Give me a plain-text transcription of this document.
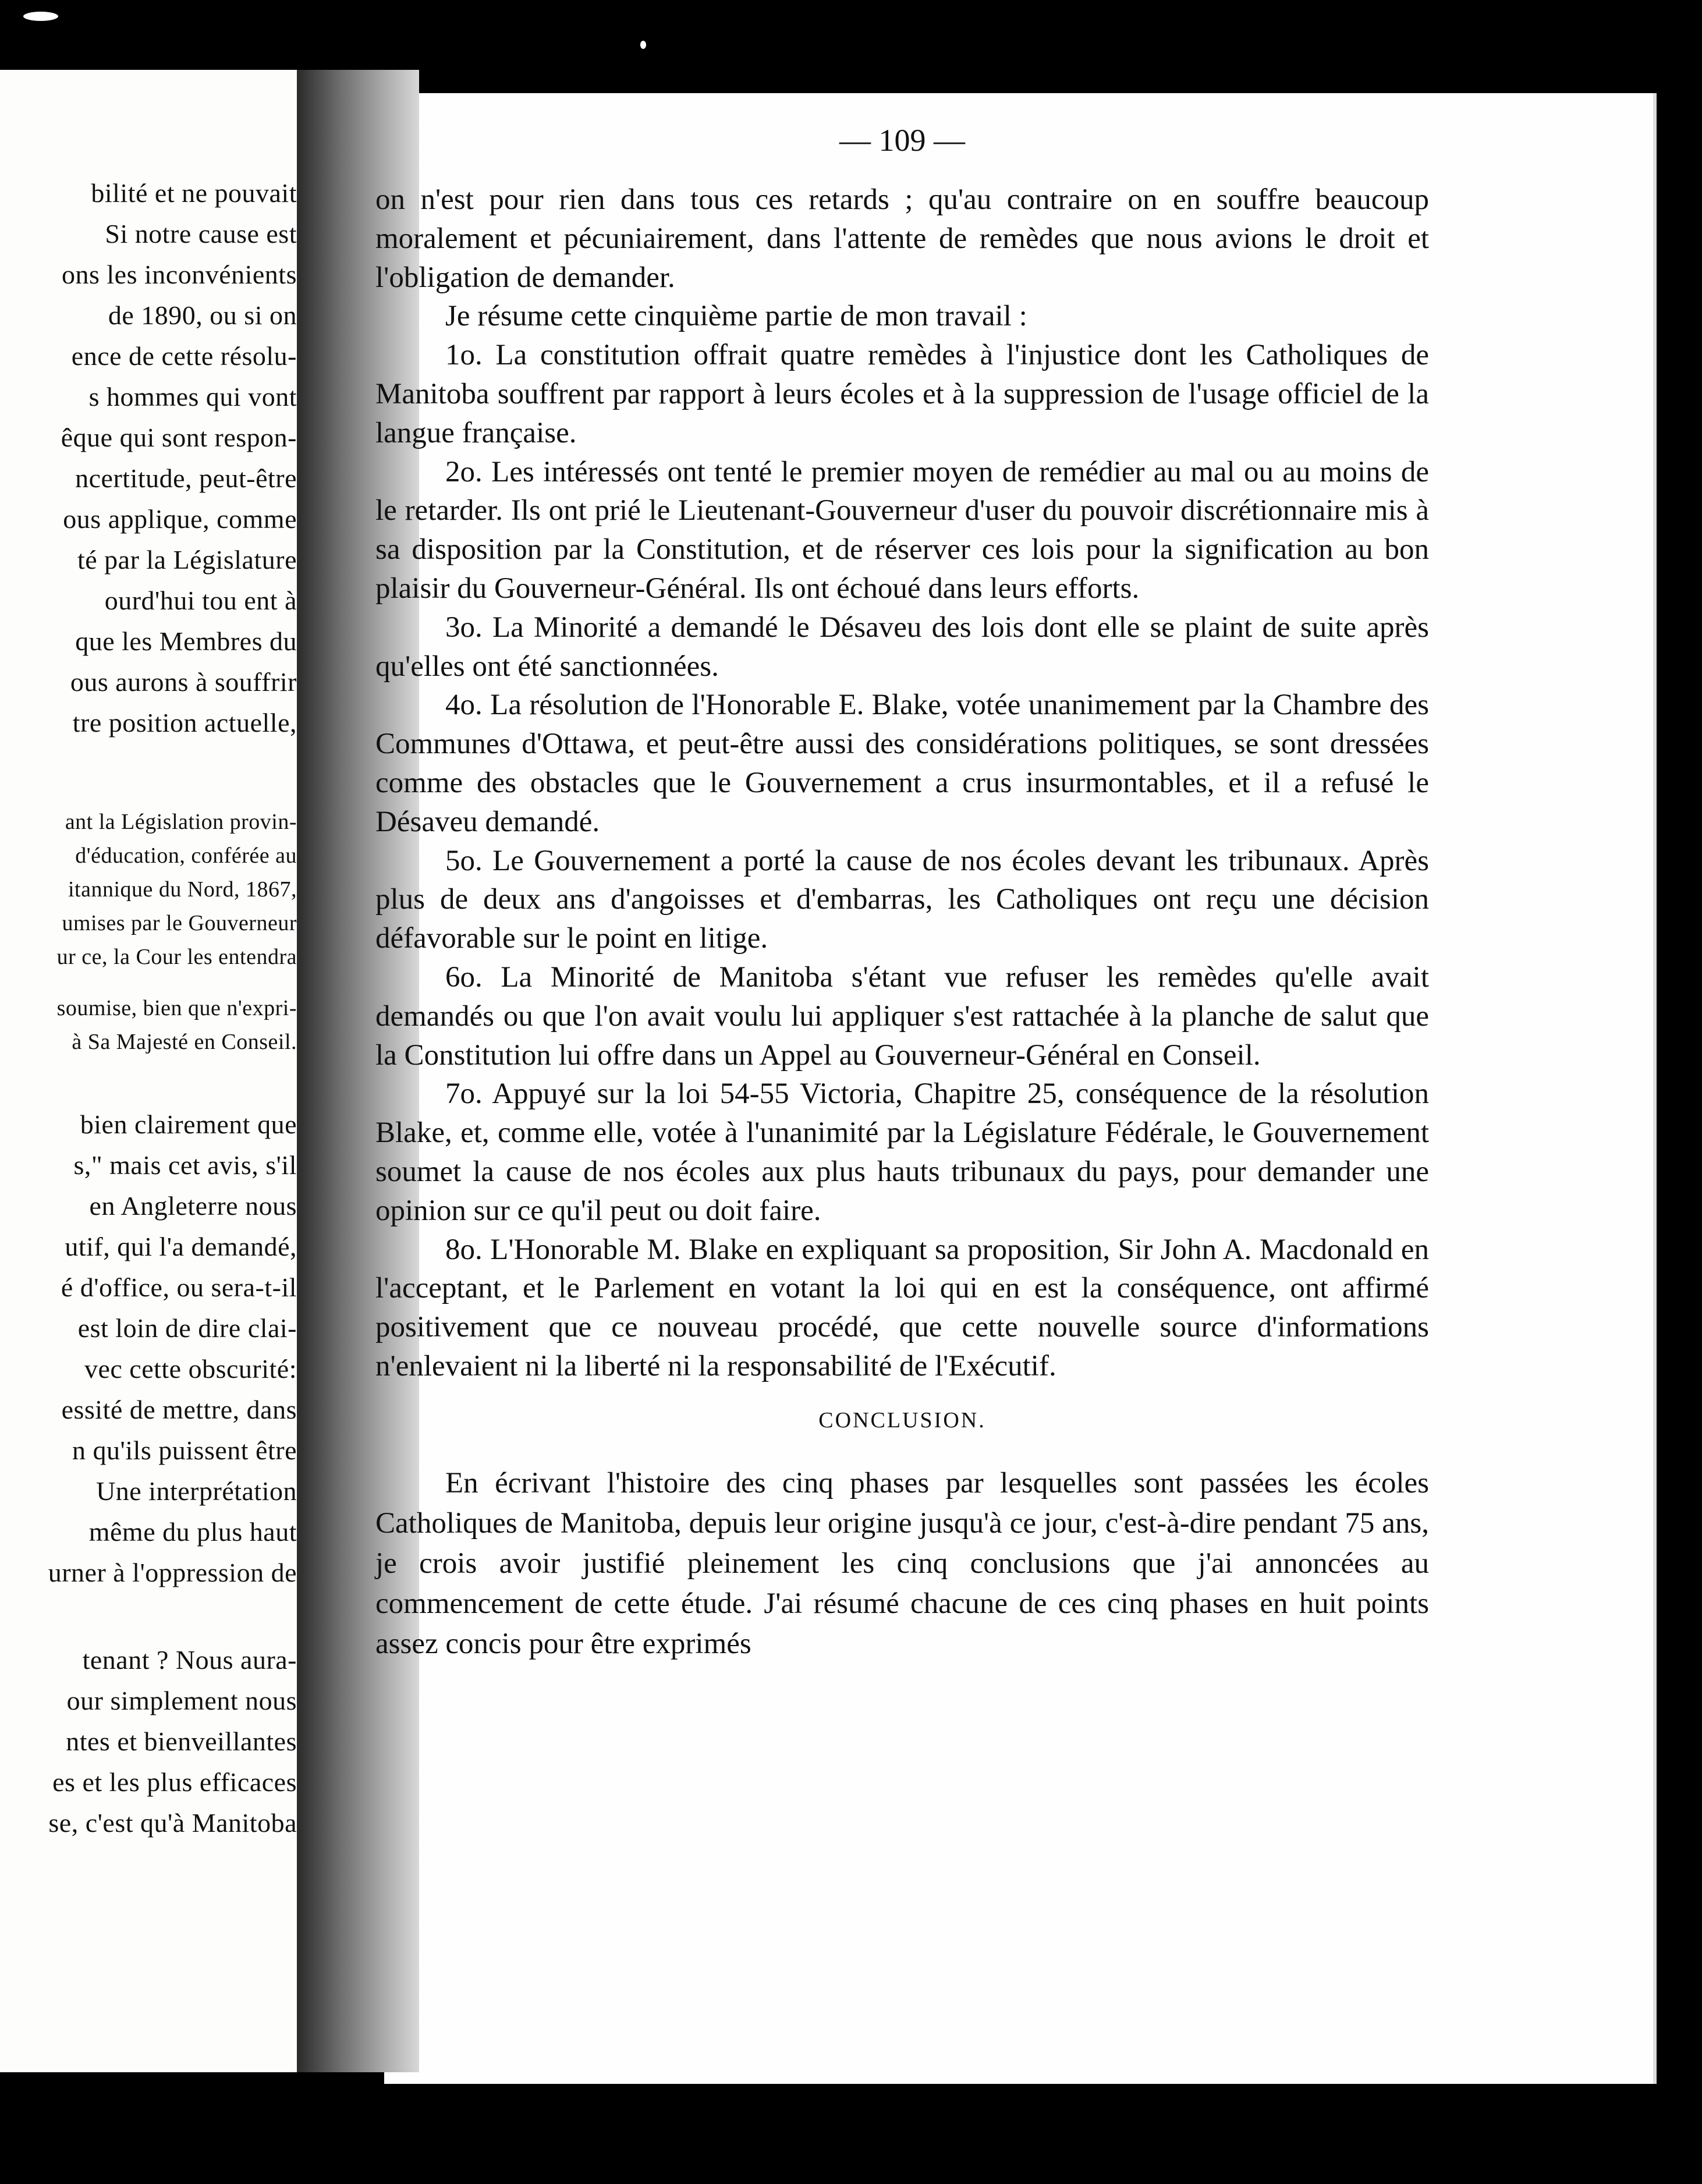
bilité et ne pouvait
Si notre cause est
ons les inconvénients
de 1890, ou si on
ence de cette résolu-
s hommes qui vont
êque qui sont respon-
ncertitude, peut-être
ous applique, comme
té par la Législature
ourd'hui tou ent à
que les Membres du
ous aurons à souffrir
tre position actuelle,
ant la Législation provin-
d'éducation, conférée au
itannique du Nord, 1867,
umises par le Gouverneur
ur ce, la Cour les entendra
soumise, bien que n'expri-
à Sa Majesté en Conseil.
bien clairement que
s," mais cet avis, s'il
en Angleterre nous
utif, qui l'a demandé,
é d'office, ou sera-t-il
est loin de dire clai-
vec cette obscurité:
essité de mettre, dans
n qu'ils puissent être
Une interprétation
même du plus haut
urner à l'oppression de
tenant ? Nous aura-
our simplement nous
ntes et bienveillantes
es et les plus efficaces
se, c'est qu'à Manitoba
— 109 —

on n'est pour rien dans tous ces retards ; qu'au contraire on en souffre beaucoup moralement et pécuniairement, dans l'attente de remèdes que nous avions le droit et l'obligation de demander.

Je résume cette cinquième partie de mon travail :

1o. La constitution offrait quatre remèdes à l'injustice dont les Catholiques de Manitoba souffrent par rapport à leurs écoles et à la suppression de l'usage officiel de la langue française.

2o. Les intéressés ont tenté le premier moyen de remédier au mal ou au moins de le retarder. Ils ont prié le Lieutenant-Gouverneur d'user du pouvoir discrétionnaire mis à sa disposition par la Constitution, et de réserver ces lois pour la signification au bon plaisir du Gouverneur-Général. Ils ont échoué dans leurs efforts.

3o. La Minorité a demandé le Désaveu des lois dont elle se plaint de suite après qu'elles ont été sanctionnées.

4o. La résolution de l'Honorable E. Blake, votée unanimement par la Chambre des Communes d'Ottawa, et peut-être aussi des considérations politiques, se sont dressées comme des obstacles que le Gouvernement a crus insurmontables, et il a refusé le Désaveu demandé.

5o. Le Gouvernement a porté la cause de nos écoles devant les tribunaux. Après plus de deux ans d'angoisses et d'embarras, les Catholiques ont reçu une décision défavorable sur le point en litige.

6o. La Minorité de Manitoba s'étant vue refuser les remèdes qu'elle avait demandés ou que l'on avait voulu lui appliquer s'est rattachée à la planche de salut que la Constitution lui offre dans un Appel au Gouverneur-Général en Conseil.

7o. Appuyé sur la loi 54-55 Victoria, Chapitre 25, conséquence de la résolution Blake, et, comme elle, votée à l'unanimité par la Législature Fédérale, le Gouvernement soumet la cause de nos écoles aux plus hauts tribunaux du pays, pour demander une opinion sur ce qu'il peut ou doit faire.

8o. L'Honorable M. Blake en expliquant sa proposition, Sir John A. Macdonald en l'acceptant, et le Parlement en votant la loi qui en est la conséquence, ont affirmé positivement que ce nouveau procédé, que cette nouvelle source d'informations n'enlevaient ni la liberté ni la responsabilité de l'Exécutif.

CONCLUSION.

En écrivant l'histoire des cinq phases par lesquelles sont passées les écoles Catholiques de Manitoba, depuis leur origine jusqu'à ce jour, c'est-à-dire pendant 75 ans, je crois avoir justifié pleinement les cinq conclusions que j'ai annoncées au commencement de cette étude. J'ai résumé chacune de ces cinq phases en huit points assez concis pour être exprimés
